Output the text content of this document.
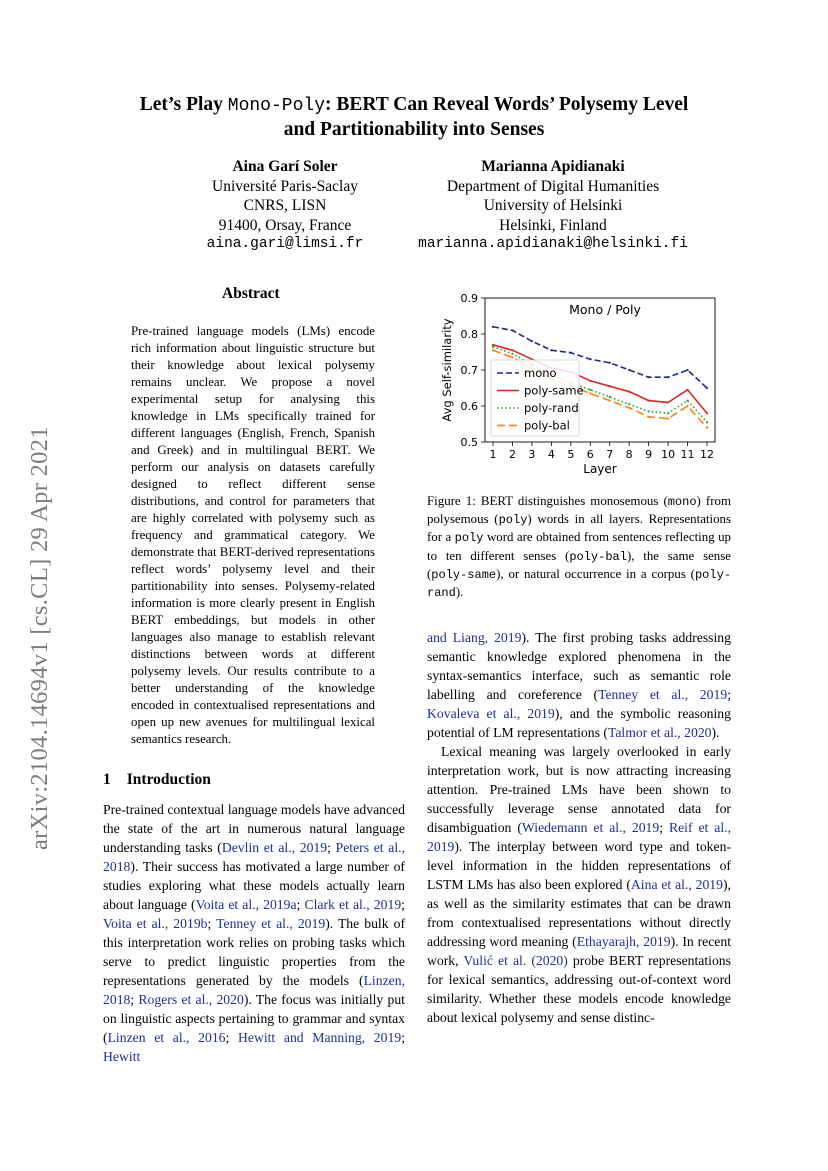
arXiv:2104.14694v1 [cs.CL] 29 Apr 2021
Let’s Play Mono-Poly: BERT Can Reveal Words’ Polysemy Level
and Partitionability into Senses
Aina Garí Soler
Université Paris-Saclay
CNRS, LISN
91400, Orsay, France
aina.gari@limsi.fr
Marianna Apidianaki
Department of Digital Humanities
University of Helsinki
Helsinki, Finland
marianna.apidianaki@helsinki.fi
Abstract
Pre-trained language models (LMs) encode rich information about linguistic structure but their knowledge about lexical polysemy remains unclear. We propose a novel experimental setup for analysing this knowledge in LMs specifically trained for different languages (English, French, Spanish and Greek) and in multilingual BERT. We perform our analysis on datasets carefully designed to reflect different sense distributions, and control for parameters that are highly correlated with polysemy such as frequency and grammatical category. We demonstrate that BERT-derived representations reflect words’ polysemy level and their partitionability into senses. Polysemy-related information is more clearly present in English BERT embeddings, but models in other languages also manage to establish relevant distinctions between words at different polysemy levels. Our results contribute to a better understanding of the knowledge encoded in contextualised representations and open up new avenues for multilingual lexical semantics research.
1 Introduction
Pre-trained contextual language models have advanced the state of the art in numerous natural language understanding tasks (Devlin et al., 2019; Peters et al., 2018). Their success has motivated a large number of studies exploring what these models actually learn about language (Voita et al., 2019a; Clark et al., 2019; Voita et al., 2019b; Tenney et al., 2019). The bulk of this interpretation work relies on probing tasks which serve to predict linguistic properties from the representations generated by the models (Linzen, 2018; Rogers et al., 2020). The focus was initially put on linguistic aspects pertaining to grammar and syntax (Linzen et al., 2016; Hewitt and Manning, 2019; Hewitt
and Liang, 2019). The first probing tasks addressing semantic knowledge explored phenomena in the syntax-semantics interface, such as semantic role labelling and coreference (Tenney et al., 2019; Kovaleva et al., 2019), and the symbolic reasoning potential of LM representations (Talmor et al., 2020).
Lexical meaning was largely overlooked in early interpretation work, but is now attracting increasing attention. Pre-trained LMs have been shown to successfully leverage sense annotated data for disambiguation (Wiedemann et al., 2019; Reif et al., 2019). The interplay between word type and token-level information in the hidden representations of LSTM LMs has also been explored (Aina et al., 2019), as well as the similarity estimates that can be drawn from contextualised representations without directly addressing word meaning (Ethayarajh, 2019). In recent work, Vulić et al. (2020) probe BERT representations for lexical semantics, addressing out-of-context word similarity. Whether these models encode knowledge about lexical polysemy and sense distinc-
0.5
0.6
0.7
0.8
0.9
1 2 3 4 5 6 7 8 9 10 11 12
Mono / Poly
Layer
Avg Self-similarity	mono
poly-same
poly-rand
poly-bal
Figure 1: BERT distinguishes monosemous (mono) from polysemous (poly) words in all layers. Representations for a poly word are obtained from sentences reflecting up to ten different senses (poly-bal), the same sense (poly-same), or natural occurrence in a corpus (poly-rand).
